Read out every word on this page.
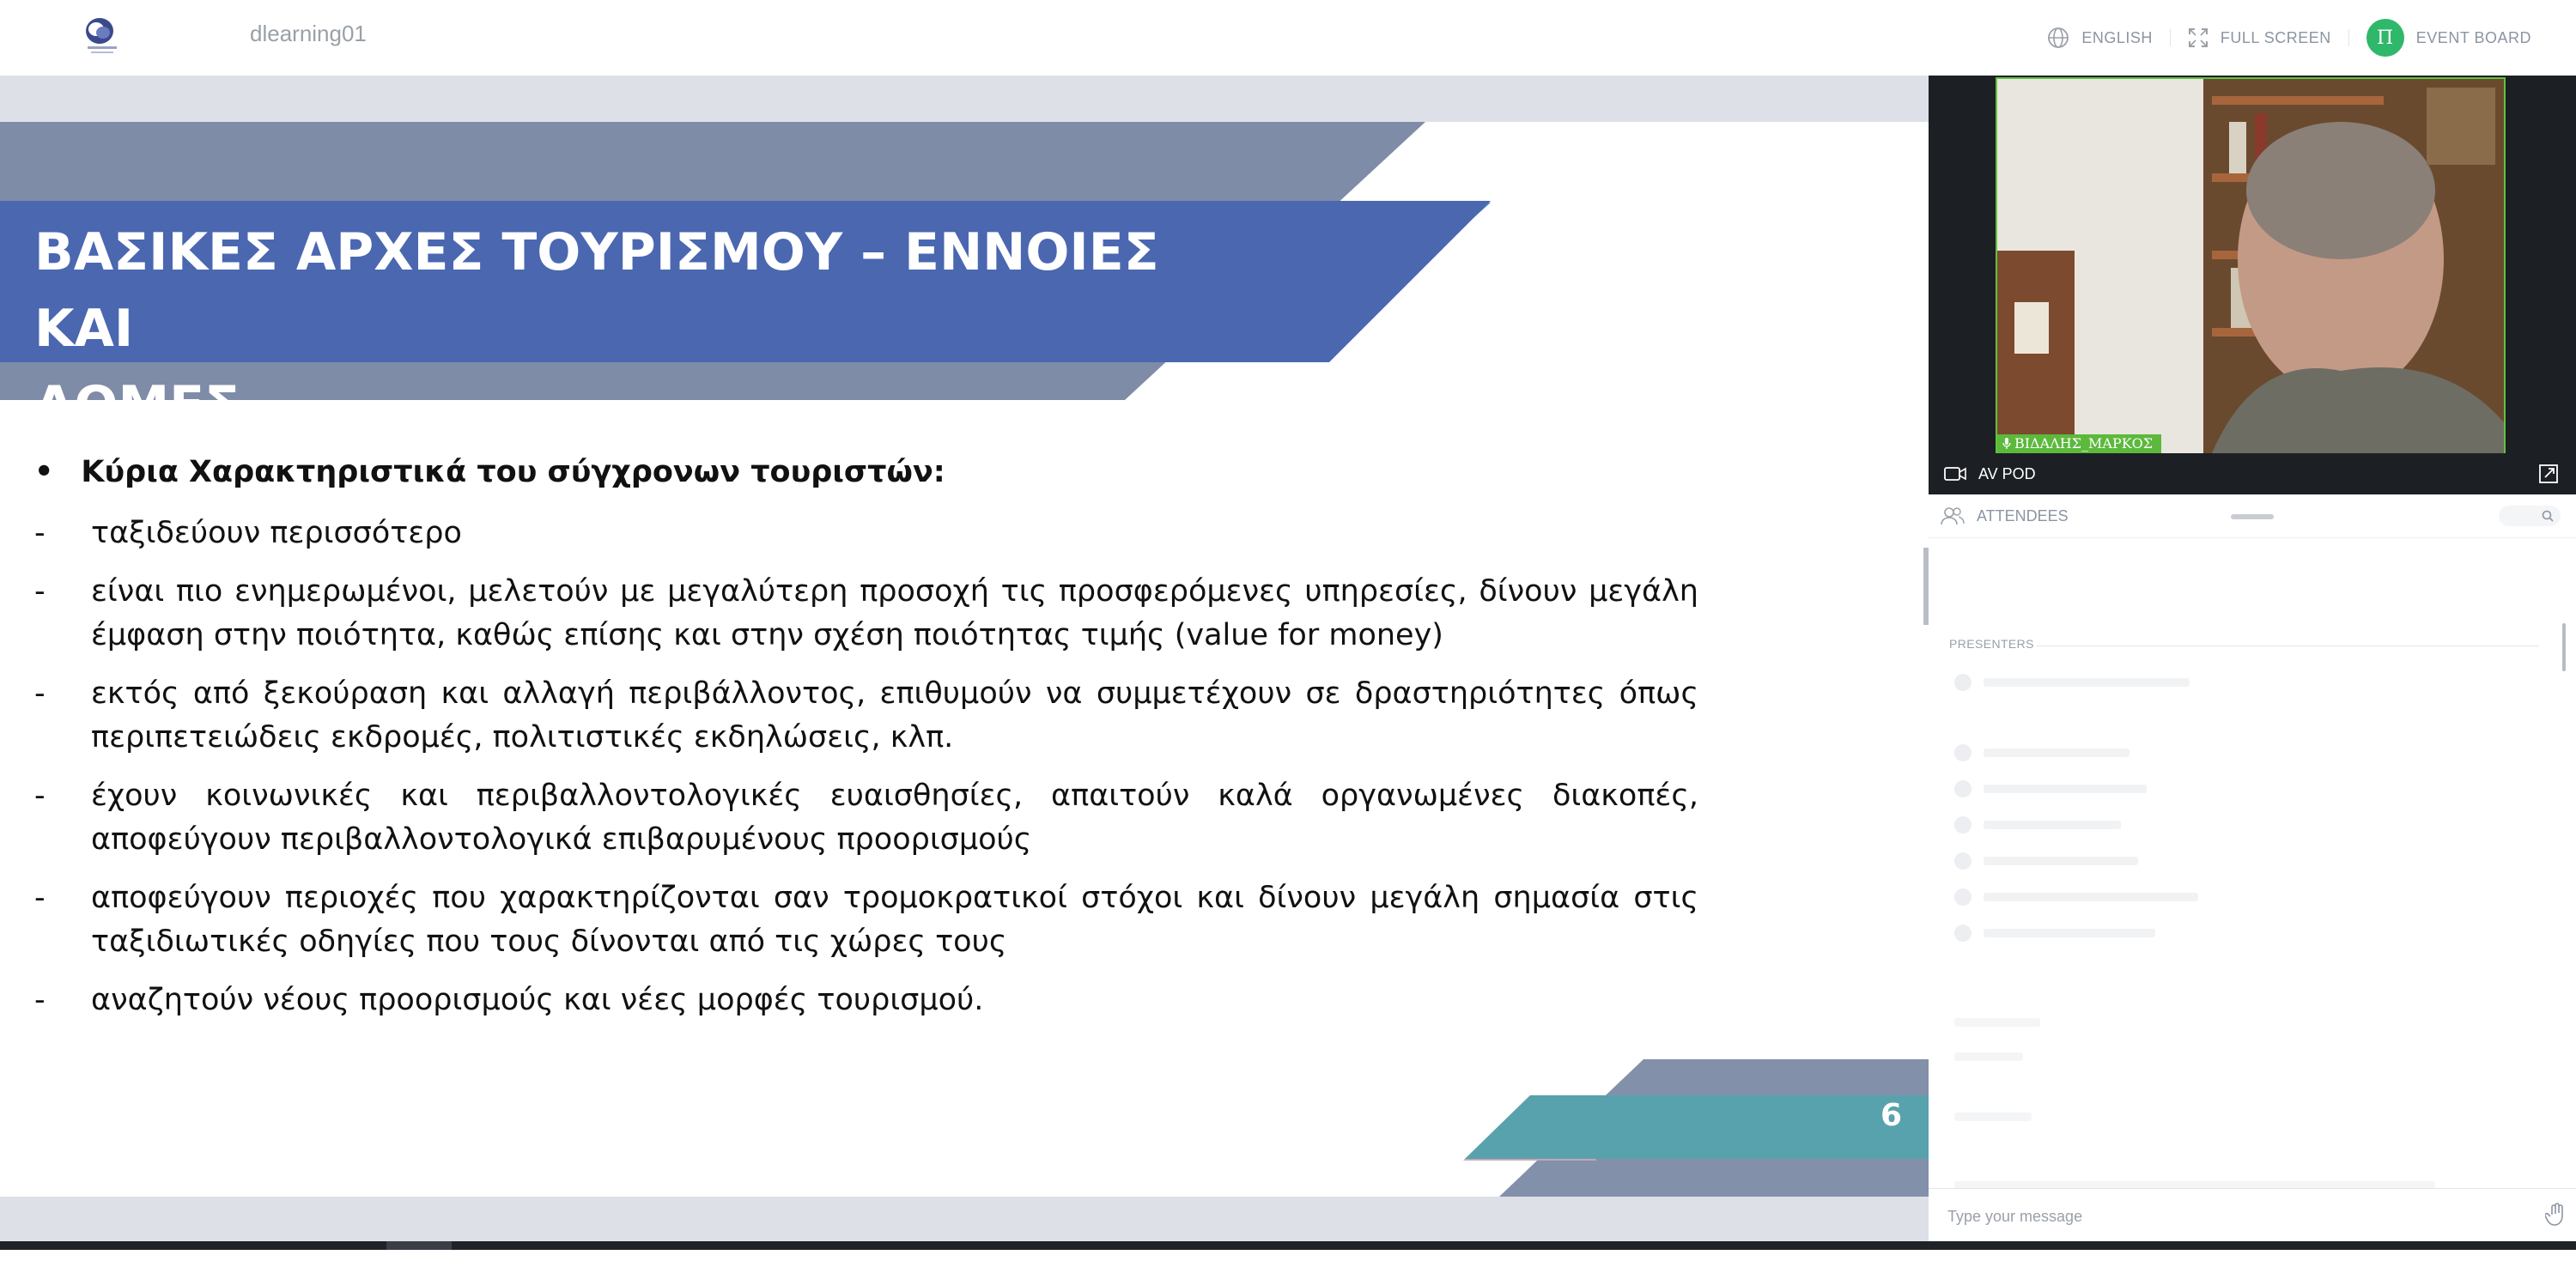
dlearning01	ENGLISH	FULL SCREEN	Π	EVENT BOARD
ΒΑΣΙΚΕΣ ΑΡΧΕΣ ΤΟΥΡΙΣΜΟΥ – ΕΝΝΟΙΕΣ ΚΑΙ
ΔΟΜΕΣ
• Κύρια Χαρακτηριστικά του σύγχρονων τουριστών:
-	ταξιδεύουν περισσότερο
-	είναι πιο ενημερωμένοι, μελετούν με μεγαλύτερη προσοχή τις προσφερόμενες υπηρεσίες, δίνουν μεγάλη έμφαση στην ποιότητα, καθώς επίσης και στην σχέση ποιότητας τιμής (value for money)
-	εκτός από ξεκούραση και αλλαγή περιβάλλοντος, επιθυμούν να συμμετέχουν σε δραστηριότητες όπως περιπετειώδεις εκδρομές, πολιτιστικές εκδηλώσεις, κλπ.
-	έχουν κοινωνικές και περιβαλλοντολογικές ευαισθησίες, απαιτούν καλά οργανωμένες διακοπές, αποφεύγουν περιβαλλοντολογικά επιβαρυμένους προορισμούς
-	αποφεύγουν περιοχές που χαρακτηρίζονται σαν τρομοκρατικοί στόχοι και δίνουν μεγάλη σημασία στις ταξιδιωτικές οδηγίες που τους δίνονται από τις χώρες τους
-	αναζητούν νέους προορισμούς και νέες μορφές τουρισμού.
6
ΒΙΔΑΛΗΣ_ΜΑΡΚΟΣ
AV POD
ATTENDEES
PRESENTERS
Type your message
